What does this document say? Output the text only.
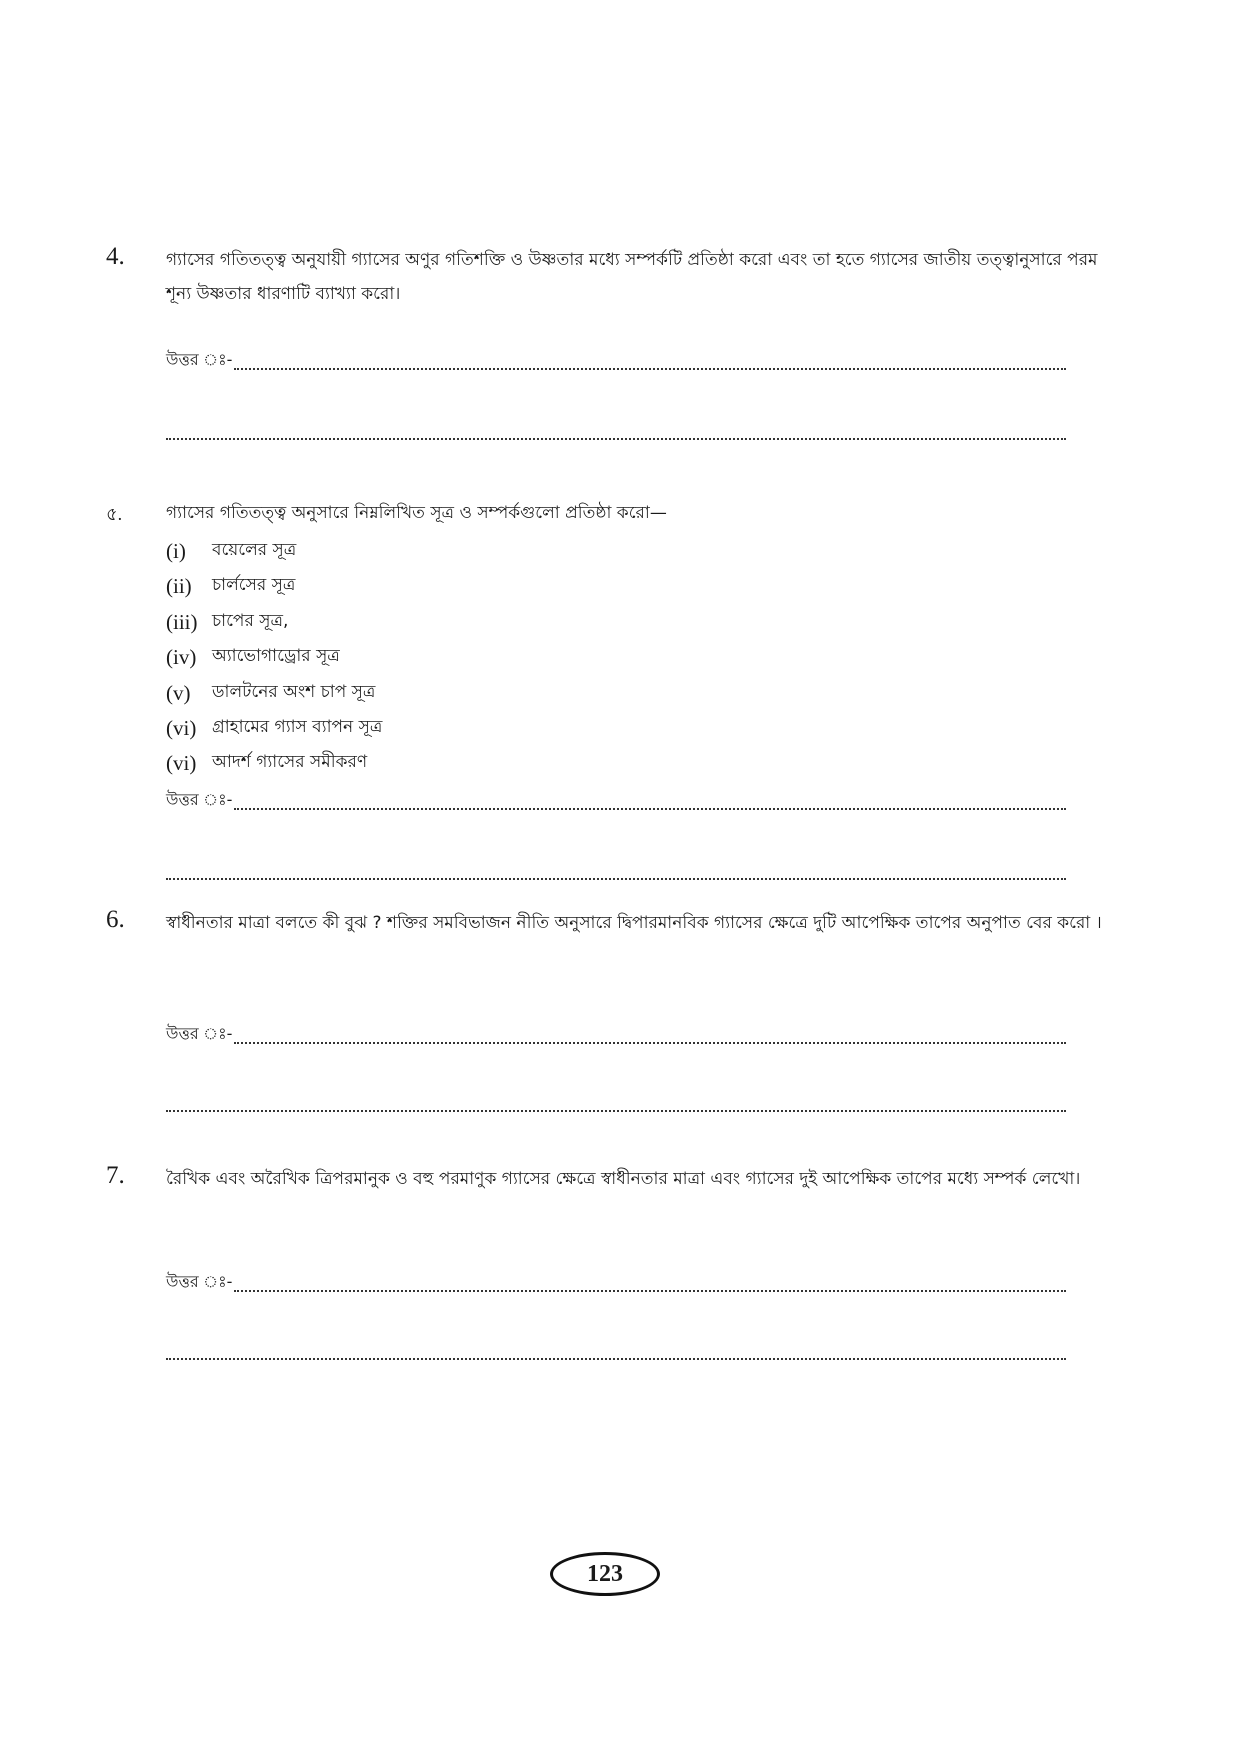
4. গ্যাসের গতিতত্ত্ব অনুযায়ী গ্যাসের অণুর গতিশক্তি ও উষ্ণতার মধ্যে সম্পর্কটি প্রতিষ্ঠা করো এবং তা হতে গ্যাসের জাতীয় তত্ত্বানুসারে পরম শূন্য উষ্ণতার ধারণাটি ব্যাখ্যা করো।
উত্তর ঃ-
৫.	গ্যাসের গতিতত্ত্ব অনুসারে নিম্নলিখিত সূত্র ও সম্পর্কগুলো প্রতিষ্ঠা করো—
(i)	বয়েলের সূত্র
(ii)	চার্লসের সূত্র
(iii) চাপের সূত্র,
(iv) অ্যাভোগাড্রোর সূত্র
(v)	ডালটনের অংশ চাপ সূত্র
(vi) গ্রাহামের গ্যাস ব্যাপন সূত্র
(vi) আদর্শ গ্যাসের সমীকরণ
উত্তর ঃ-
6. স্বাধীনতার মাত্রা বলতে কী বুঝ ? শক্তির সমবিভাজন নীতি অনুসারে দ্বিপারমানবিক গ্যাসের ক্ষেত্রে দুটি আপেক্ষিক তাপের অনুপাত বের করো ।
উত্তর ঃ-
7. রৈখিক এবং অরৈখিক ত্রিপরমানুক ও বহু পরমাণুক গ্যাসের ক্ষেত্রে স্বাধীনতার মাত্রা এবং গ্যাসের দুই আপেক্ষিক তাপের মধ্যে সম্পর্ক লেখো।
উত্তর ঃ-
123
